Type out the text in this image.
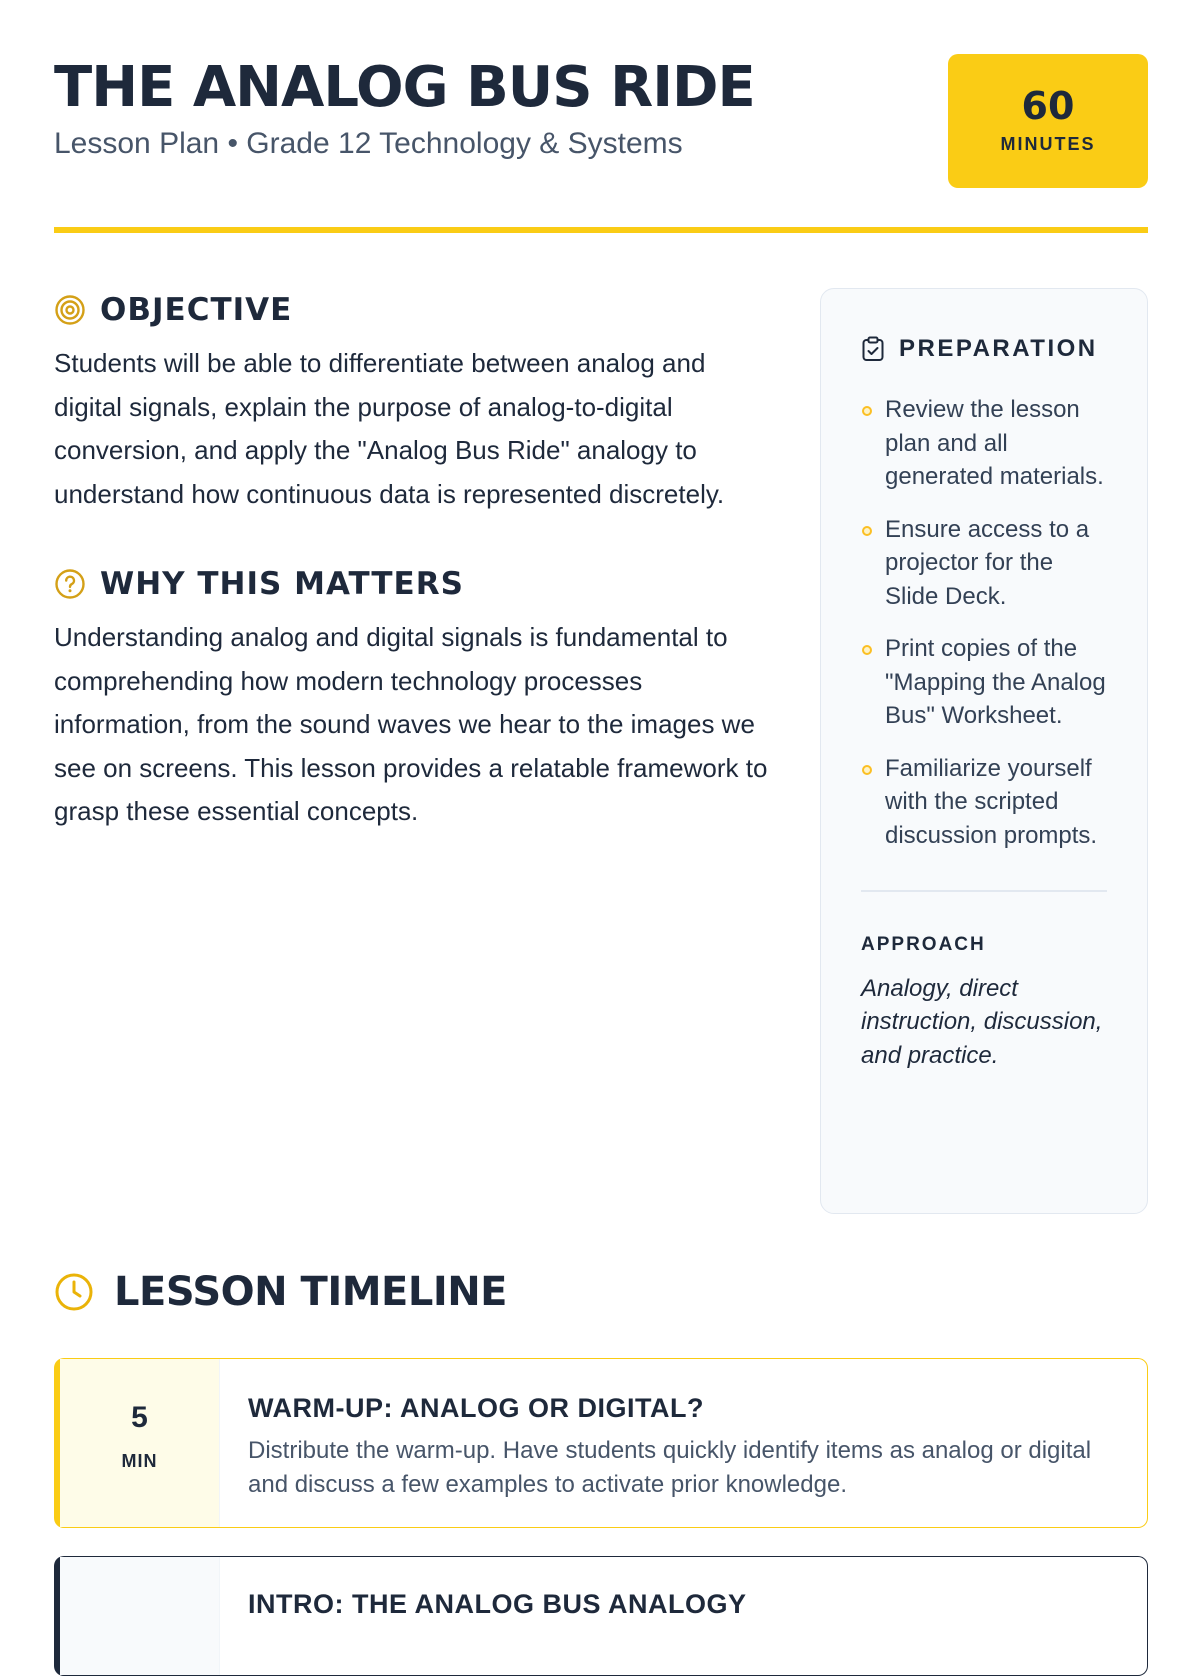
THE ANALOG BUS RIDE
Lesson Plan • Grade 12 Technology & Systems
60
MINUTES
OBJECTIVE

Students will be able to differentiate between analog and digital signals, explain the purpose of analog-to-digital conversion, and apply the "Analog Bus Ride" analogy to understand how continuous data is represented discretely.

WHY THIS MATTERS

Understanding analog and digital signals is fundamental to comprehending how modern technology processes information, from the sound waves we hear to the images we see on screens. This lesson provides a relatable framework to grasp these essential concepts.

PREPARATION
Review the lesson plan and all generated materials.
Ensure access to a projector for the Slide Deck.
Print copies of the "Mapping the Analog Bus" Worksheet.
Familiarize yourself with the scripted discussion prompts.
APPROACH
Analogy, direct instruction, discussion, and practice.
LESSON TIMELINE
5
MIN
WARM-UP: ANALOG OR DIGITAL?

Distribute the warm-up. Have students quickly identify items as analog or digital and discuss a few examples to activate prior knowledge.

INTRO: THE ANALOG BUS ANALOGY
